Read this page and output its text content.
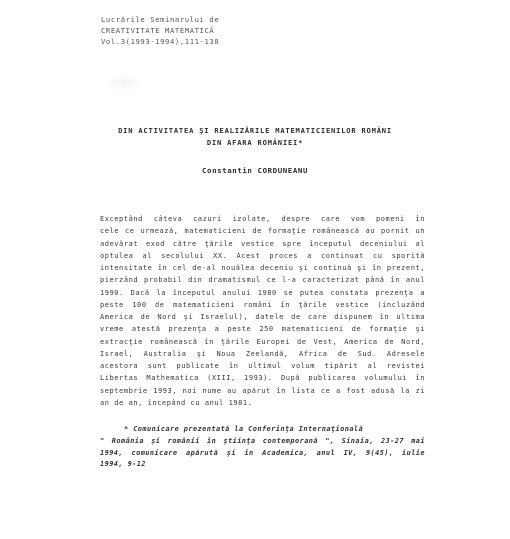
Lucrările Seminarului de
CREATIVITATE MATEMATICĂ
Vol.3(1993-1994),111-138
DIN ACTIVITATEA ŞI REALIZĂRILE MATEMATICIENILOR ROMÂNI
DIN AFARA ROMÂNIEI*
Constantin CORDUNEANU
Exceptând câteva cazuri izolate, despre care vom pomeni în
cele ce urmează, matematicieni de formaţie românească au pornit un
adevărat exod către ţările vestice spre începutul deceniului al
optulea al secolului XX. Acest proces a continuat cu sporită
intensitate în cel de-al nouălea deceniu şi continuă şi în prezent,
pierzând probabil din dramatismul ce l-a caracterizat până în anul
1990. Dacă la începutul anului 1980 se putea constata prezenţa a
peste 100 de matematicieni români în ţările vestice (incluzând
America de Nord şi Israelul), datele de care dispunem în ultima
vreme atestă prezenţa a peste 250 matematicieni de formaţie şi
extracţie românească în ţările Europei de Vest, America de Nord,
Israel, Australia şi Noua Zeelandă, Africa de Sud. Adresele
acestora sunt publicate în ultimul volum tipărit al revistei
Libertas Mathematica (XIII, 1993). După publicarea volumului în
septembrie 1993, noi nume au apărut în lista ce a fost adusă la zi
an de an, începând cu anul 1981.
* Comunicare prezentată la Conferinţa Internaţională
" România şi românii în ştiinţa contemporană ", Sinaia, 23-27 mai
1994, comunicare apărută şi în Academica, anul IV, 9(45), iulie
1994, 9-12
